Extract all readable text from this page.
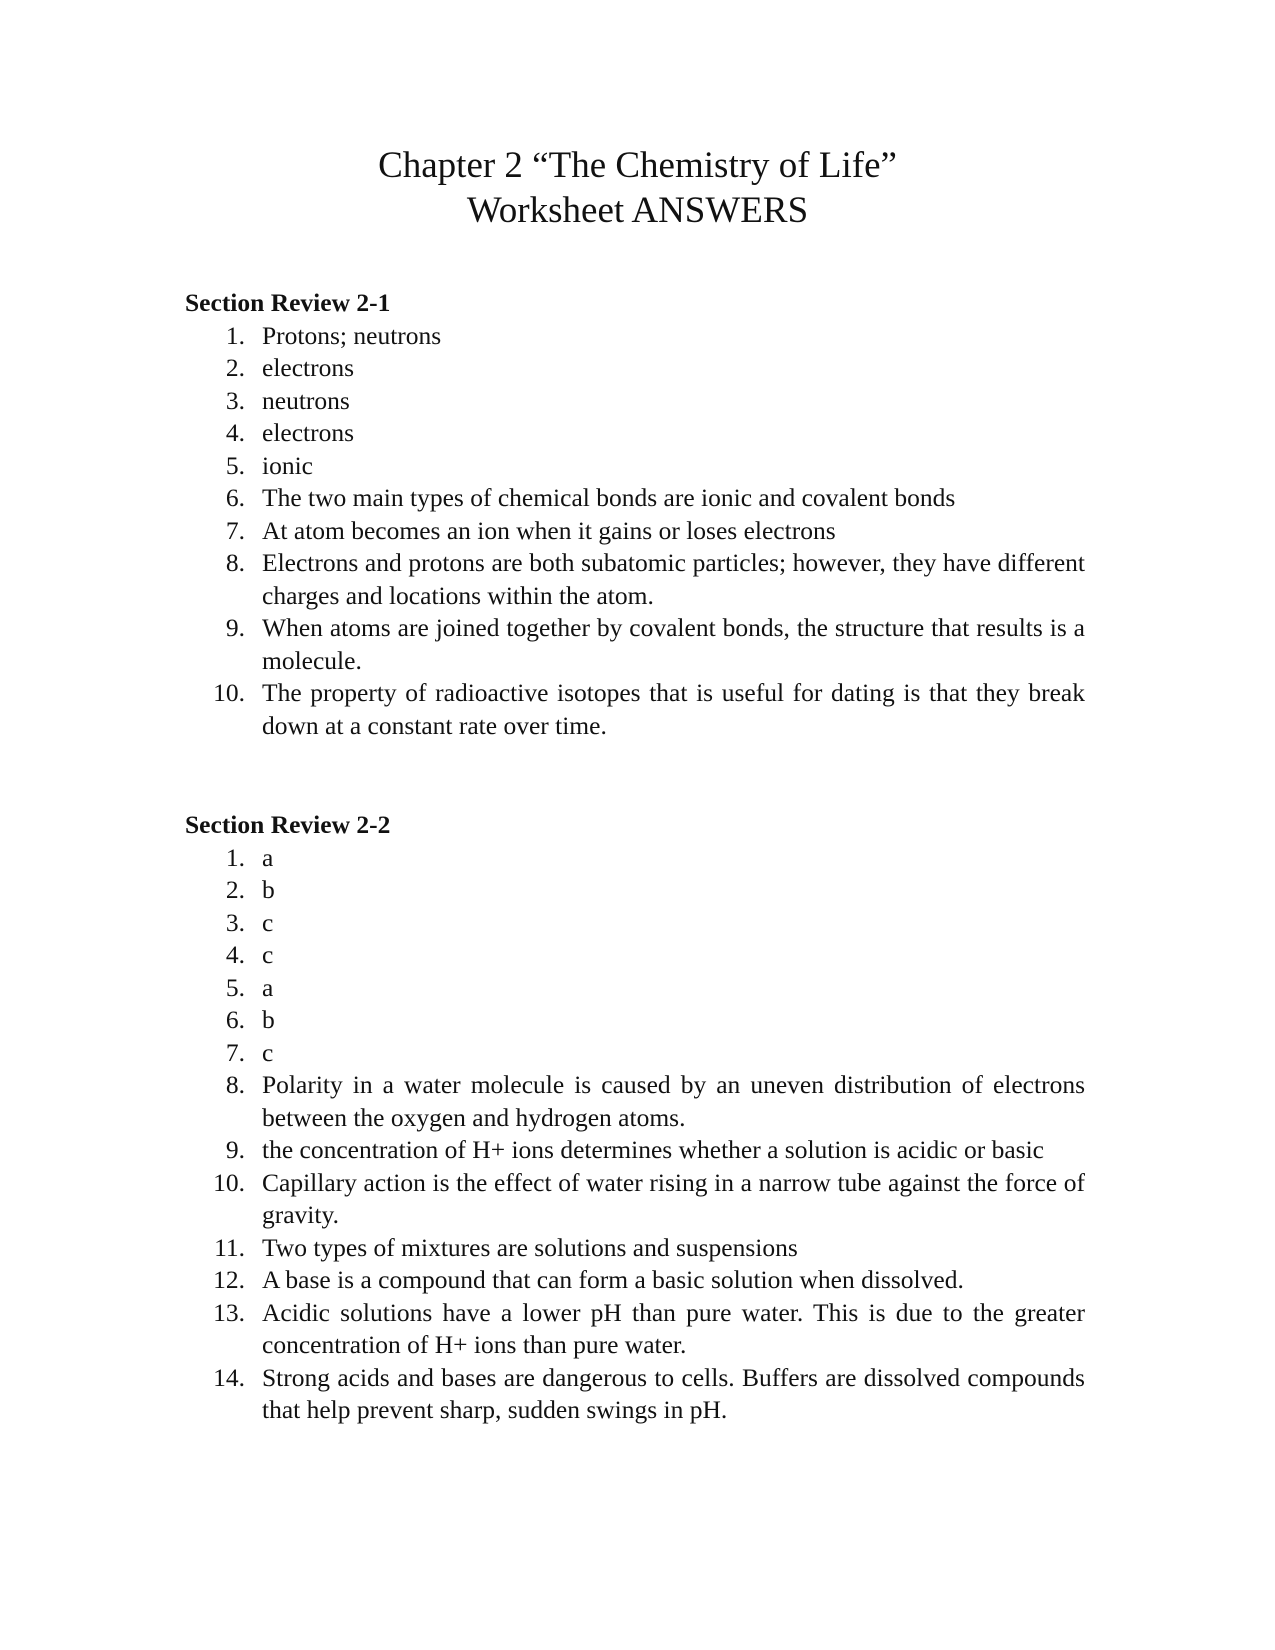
Chapter 2 “The Chemistry of Life”
Worksheet ANSWERS

Section Review 2-1

1. Protons; neutrons
2. electrons
3. neutrons
4. electrons
5. ionic
6. The two main types of chemical bonds are ionic and covalent bonds
7. At atom becomes an ion when it gains or loses electrons
8. Electrons and protons are both subatomic particles; however, they have different charges and locations within the atom.
9. When atoms are joined together by covalent bonds, the structure that results is a molecule.
10. The property of radioactive isotopes that is useful for dating is that they break down at a constant rate over time.

Section Review 2-2

1. a
2. b
3. c
4. c
5. a
6. b
7. c
8. Polarity in a water molecule is caused by an uneven distribution of electrons between the oxygen and hydrogen atoms.
9. the concentration of H+ ions determines whether a solution is acidic or basic
10. Capillary action is the effect of water rising in a narrow tube against the force of gravity.
11. Two types of mixtures are solutions and suspensions
12. A base is a compound that can form a basic solution when dissolved.
13. Acidic solutions have a lower pH than pure water. This is due to the greater concentration of H+ ions than pure water.
14. Strong acids and bases are dangerous to cells. Buffers are dissolved compounds that help prevent sharp, sudden swings in pH.
